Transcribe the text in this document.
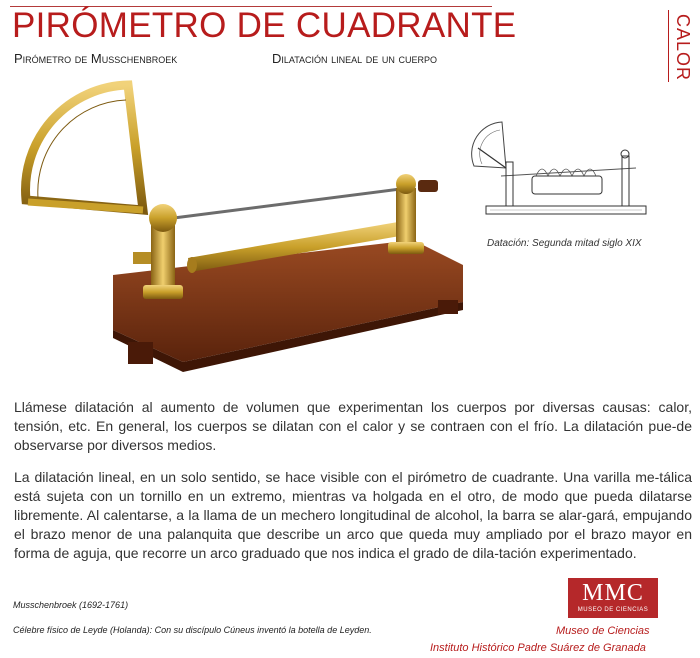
PIRÓMETRO DE CUADRANTE
Pirómetro de Musschenbroek	Dilatación lineal de un cuerpo	CALOR
Datación: Segunda mitad siglo XIX

Llámese dilatación al aumento de volumen que experimentan los cuerpos por diversas causas: calor, tensión, etc. En general, los cuerpos se dilatan con el calor y se contraen con el frío. La dilatación pue-de observarse por diversos medios.

La dilatación lineal, en un solo sentido, se hace visible con el pirómetro de cuadrante. Una varilla me-tálica está sujeta con un tornillo en un extremo, mientras va holgada en el otro, de modo que pueda dilatarse libremente. Al calentarse, a la llama de un mechero longitudinal de alcohol, la barra se alar-gará, empujando el brazo menor de una palanquita que describe un arco que queda muy ampliado por el brazo mayor en forma de aguja, que recorre un arco graduado que nos indica el grado de dila-tación experimentado.

Musschenbroek (1692-1761)
Célebre físico de Leyde (Holanda): Con su discípulo Cúneus inventó la botella de Leyden.
MMC
MUSEO DE CIENCIAS
Museo de Ciencias
Instituto Histórico Padre Suárez de Granada
